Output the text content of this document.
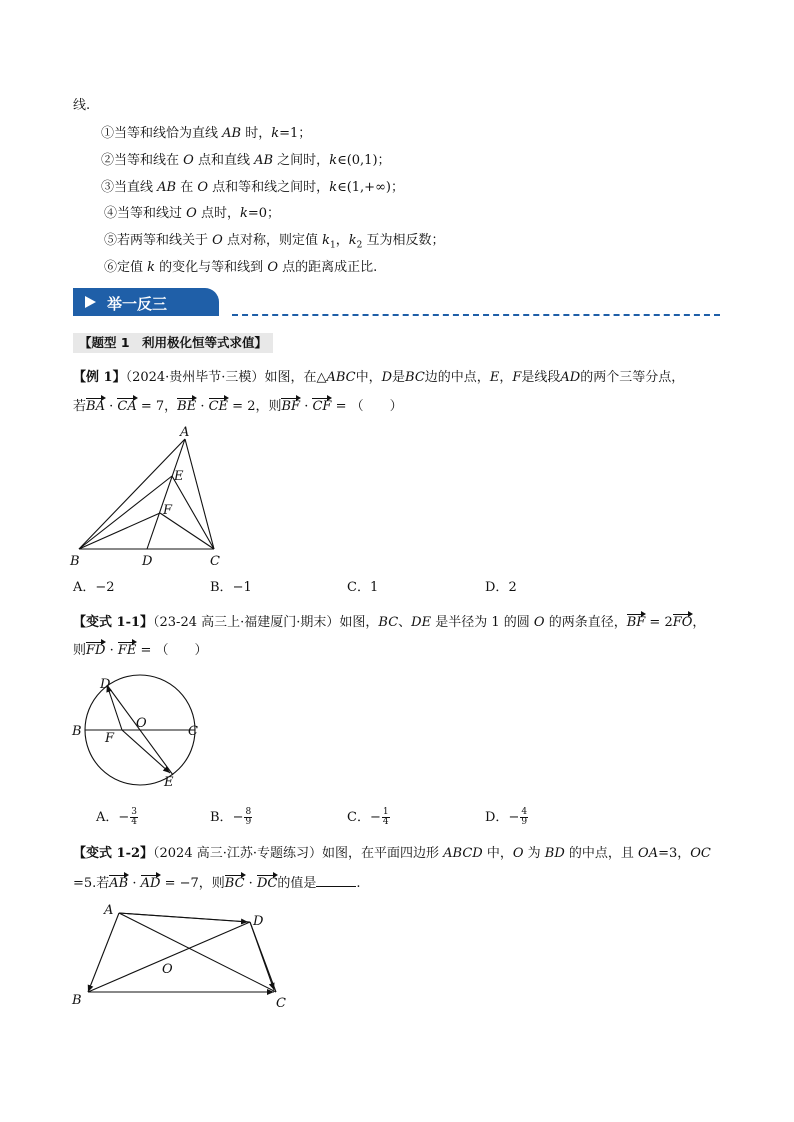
线.
①当等和线恰为直线 AB 时，k=1；
②当等和线在 O 点和直线 AB 之间时，k∈(0,1)；
③当直线 AB 在 O 点和等和线之间时，k∈(1,+∞)；
④当等和线过 O 点时，k=0；
⑤若两等和线关于 O 点对称，则定值 $k_1$，$k_2$ 互为相反数；
⑥定值 k 的变化与等和线到 O 点的距离成正比.
举一反三
【题型 1　利用极化恒等式求值】
【例 1】（2024·贵州毕节·三模）如图，在△ABC中，D是BC边的中点，E，F是线段AD的两个三等分点，
若BA · CA = 7，BE · CE = 2，则BF · CF = （　　）
A
B	C
D
E
F
A．−2	B．−1	C．1	D．2
【变式 1-1】（23-24 高三上·福建厦门·期末）如图，BC、DE 是半径为 1 的圆 O 的两条直径，BF = 2FO，
则FD · FE = （　　）
D
B	C
O
F
E
A．− $\frac{3}{4}$	B．− $\frac{8}{9}$	C．− $\frac{1}{4}$	D．− $\frac{4}{9}$
【变式 1-2】（2024 高三·江苏·专题练习）如图，在平面四边形 ABCD 中，O 为 BD 的中点，且 OA=3，OC
=5.若AB · AD = −7，则BC · DC的值是	.
A
B	C
D
O
